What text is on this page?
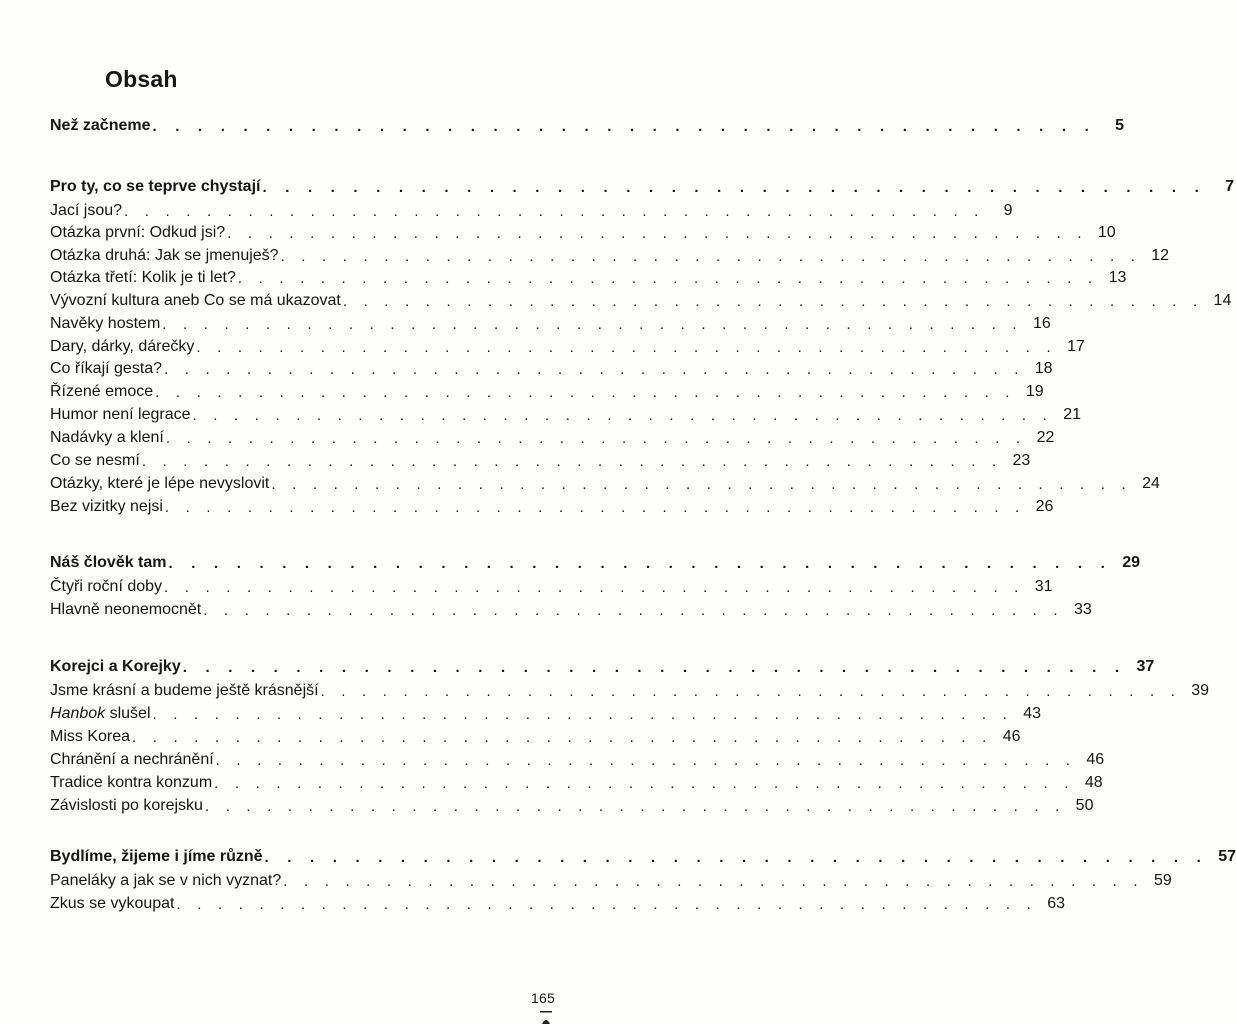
Obsah
Než začneme . . . . . . . . . . . . . . . . . . . . . . . . . . . . . . . . . . . . . . . . . .	5
Pro ty, co se teprve chystají . . . . . . . . . . . . . . . . . . . . . . . . . . . . . . . . . . . . . . . . . .	7
Jací jsou? . . . . . . . . . . . . . . . . . . . . . . . . . . . . . . . . . . . . . . . . . .	9
Otázka první: Odkud jsi? . . . . . . . . . . . . . . . . . . . . . . . . . . . . . . . . . . . . . . . . . . 10
Otázka druhá: Jak se jmenuješ? . . . . . . . . . . . . . . . . . . . . . . . . . . . . . . . . . . . . . . . . . . 12
Otázka třetí: Kolik je ti let? . . . . . . . . . . . . . . . . . . . . . . . . . . . . . . . . . . . . . . . . . . 13
Vývozní kultura aneb Co se má ukazovat . . . . . . . . . . . . . . . . . . . . . . . . . . . . . . . . . . . . . . . . . . 14
Navěky hostem . . . . . . . . . . . . . . . . . . . . . . . . . . . . . . . . . . . . . . . . . . 16
Dary, dárky, dárečky . . . . . . . . . . . . . . . . . . . . . . . . . . . . . . . . . . . . . . . . . . 17
Co říkají gesta? . . . . . . . . . . . . . . . . . . . . . . . . . . . . . . . . . . . . . . . . . . 18
Řízené emoce . . . . . . . . . . . . . . . . . . . . . . . . . . . . . . . . . . . . . . . . . . 19
Humor není legrace . . . . . . . . . . . . . . . . . . . . . . . . . . . . . . . . . . . . . . . . . . 21
Nadávky a klení . . . . . . . . . . . . . . . . . . . . . . . . . . . . . . . . . . . . . . . . . . 22
Co se nesmí . . . . . . . . . . . . . . . . . . . . . . . . . . . . . . . . . . . . . . . . . . 23
Otázky, které je lépe nevyslovit . . . . . . . . . . . . . . . . . . . . . . . . . . . . . . . . . . . . . . . . . . 24
Bez vizitky nejsi . . . . . . . . . . . . . . . . . . . . . . . . . . . . . . . . . . . . . . . . . . 26
Náš člověk tam . . . . . . . . . . . . . . . . . . . . . . . . . . . . . . . . . . . . . . . . . . 29
Čtyři roční doby . . . . . . . . . . . . . . . . . . . . . . . . . . . . . . . . . . . . . . . . . . 31
Hlavně neonemocnět . . . . . . . . . . . . . . . . . . . . . . . . . . . . . . . . . . . . . . . . . . 33
Korejci a Korejky . . . . . . . . . . . . . . . . . . . . . . . . . . . . . . . . . . . . . . . . . . 37
Jsme krásní a budeme ještě krásnější . . . . . . . . . . . . . . . . . . . . . . . . . . . . . . . . . . . . . . . . . . 39
Hanbok slušel . . . . . . . . . . . . . . . . . . . . . . . . . . . . . . . . . . . . . . . . . . 43
Miss Korea . . . . . . . . . . . . . . . . . . . . . . . . . . . . . . . . . . . . . . . . . . 46
Chránění a nechránění . . . . . . . . . . . . . . . . . . . . . . . . . . . . . . . . . . . . . . . . . . 46
Tradice kontra konzum . . . . . . . . . . . . . . . . . . . . . . . . . . . . . . . . . . . . . . . . . . 48
Závislosti po korejsku . . . . . . . . . . . . . . . . . . . . . . . . . . . . . . . . . . . . . . . . . . 50
Bydlíme, žijeme i jíme různě . . . . . . . . . . . . . . . . . . . . . . . . . . . . . . . . . . . . . . . . . . 57
Paneláky a jak se v nich vyznat? . . . . . . . . . . . . . . . . . . . . . . . . . . . . . . . . . . . . . . . . . . 59
Zkus se vykoupat . . . . . . . . . . . . . . . . . . . . . . . . . . . . . . . . . . . . . . . . . . 63
165
